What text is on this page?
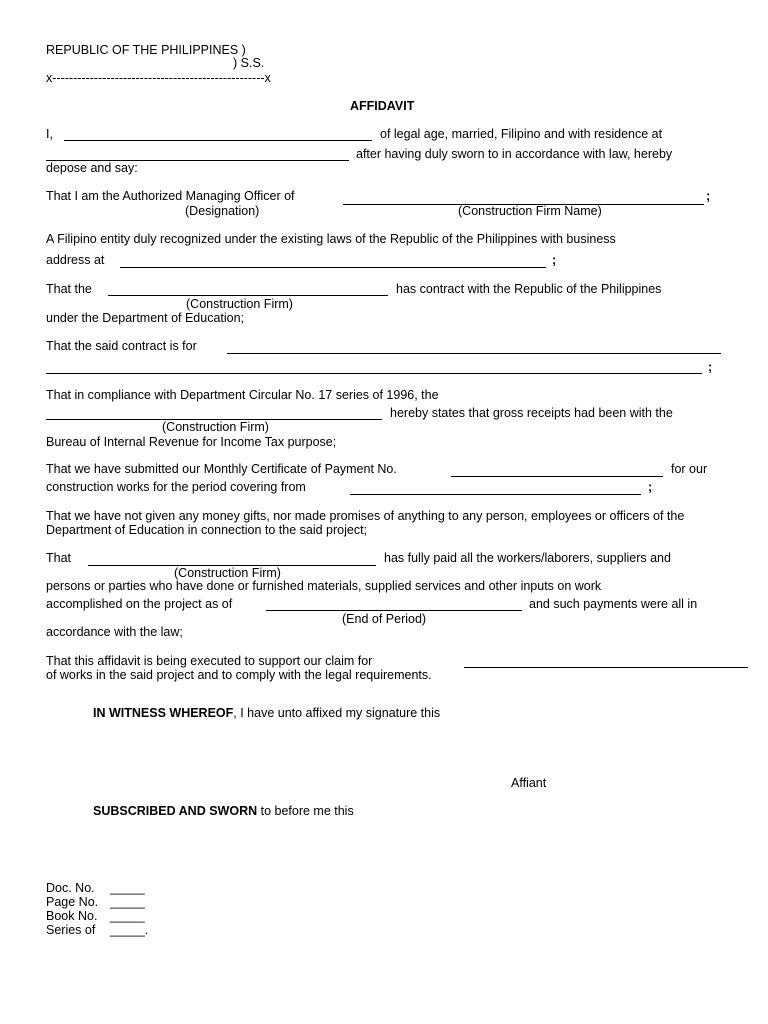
REPUBLIC OF THE PHILIPPINES )
) S.S.
x---------------------------------------------------x
AFFIDAVIT
I,	of legal age, married, Filipino and with residence at
after having duly sworn to in accordance with law, hereby
depose and say:
That I am the Authorized Managing Officer of	;
(Designation)	(Construction Firm Name)
A Filipino entity duly recognized under the existing laws of the Republic of the Philippines with business
address at	;
That the	has contract with the Republic of the Philippines
(Construction Firm)
under the Department of Education;
That the said contract is for
;
That in compliance with Department Circular No. 17 series of 1996, the
hereby states that gross receipts had been with the
(Construction Firm)
Bureau of Internal Revenue for Income Tax purpose;
That we have submitted our Monthly Certificate of Payment No.	for our
construction works for the period covering from	;
That we have not given any money gifts, nor made promises of anything to any person, employees or officers of the
Department of Education in connection to the said project;
That	has fully paid all the workers/laborers, suppliers and
(Construction Firm)
persons or parties who have done or furnished materials, supplied services and other inputs on work
accomplished on the project as of	and such payments were all in
(End of Period)
accordance with the law;
That this affidavit is being executed to support our claim for
of works in the said project and to comply with the legal requirements.
IN WITNESS WHEREOF, I have unto affixed my signature this
Affiant
SUBSCRIBED AND SWORN to before me this
Doc. No. _____
Page No. _____
Book No. _____
Series of _____.
